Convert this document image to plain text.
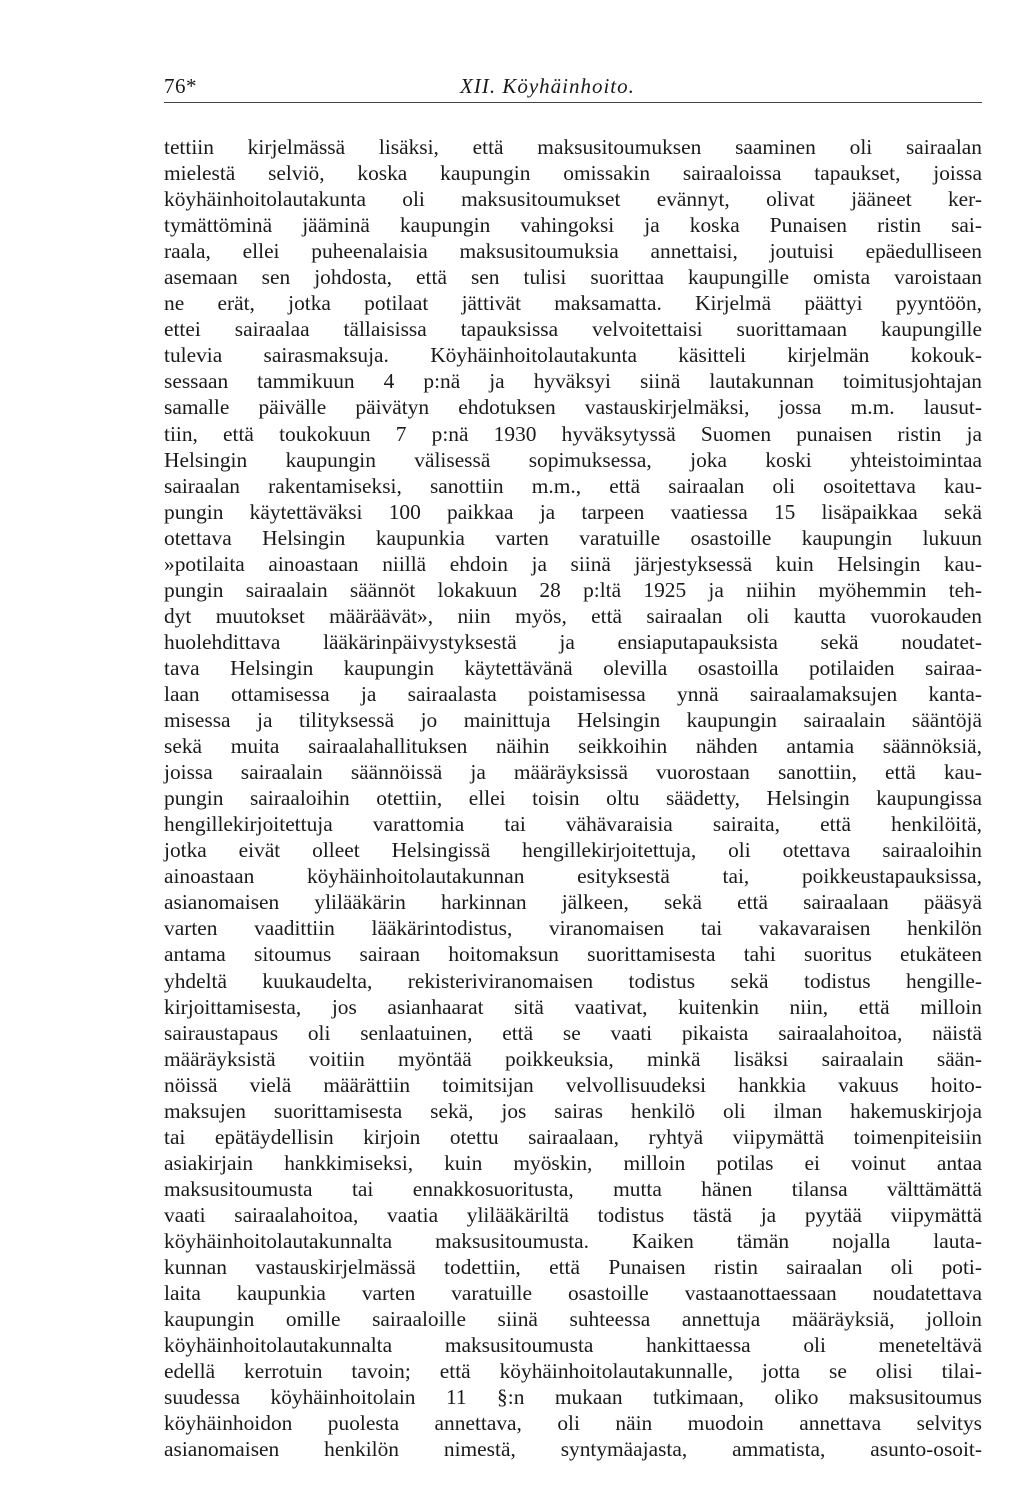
76*	XII. Köyhäinhoito.
tettiin kirjelmässä lisäksi, että maksusitoumuksen saaminen oli sairaalan
mielestä selviö, koska kaupungin omissakin sairaaloissa tapaukset, joissa
köyhäinhoitolautakunta oli maksusitoumukset evännyt, olivat jääneet ker-
tymättöminä jääminä kaupungin vahingoksi ja koska Punaisen ristin sai-
raala, ellei puheenalaisia maksusitoumuksia annettaisi, joutuisi epäedulliseen
asemaan sen johdosta, että sen tulisi suorittaa kaupungille omista varoistaan
ne erät, jotka potilaat jättivät maksamatta. Kirjelmä päättyi pyyntöön,
ettei sairaalaa tällaisissa tapauksissa velvoitettaisi suorittamaan kaupungille
tulevia sairasmaksuja. Köyhäinhoitolautakunta käsitteli kirjelmän kokouk-
sessaan tammikuun 4 p:nä ja hyväksyi siinä lautakunnan toimitusjohtajan
samalle päivälle päivätyn ehdotuksen vastauskirjelmäksi, jossa m.m. lausut-
tiin, että toukokuun 7 p:nä 1930 hyväksytyssä Suomen punaisen ristin ja
Helsingin kaupungin välisessä sopimuksessa, joka koski yhteistoimintaa
sairaalan rakentamiseksi, sanottiin m.m., että sairaalan oli osoitettava kau-
pungin käytettäväksi 100 paikkaa ja tarpeen vaatiessa 15 lisäpaikkaa sekä
otettava Helsingin kaupunkia varten varatuille osastoille kaupungin lukuun
»potilaita ainoastaan niillä ehdoin ja siinä järjestyksessä kuin Helsingin kau-
pungin sairaalain säännöt lokakuun 28 p:ltä 1925 ja niihin myöhemmin teh-
dyt muutokset määräävät», niin myös, että sairaalan oli kautta vuorokauden
huolehdittava lääkärinpäivystyksestä ja ensiaputapauksista sekä noudatet-
tava Helsingin kaupungin käytettävänä olevilla osastoilla potilaiden sairaa-
laan ottamisessa ja sairaalasta poistamisessa ynnä sairaalamaksujen kanta-
misessa ja tilityksessä jo mainittuja Helsingin kaupungin sairaalain sääntöjä
sekä muita sairaalahallituksen näihin seikkoihin nähden antamia säännöksiä,
joissa sairaalain säännöissä ja määräyksissä vuorostaan sanottiin, että kau-
pungin sairaaloihin otettiin, ellei toisin oltu säädetty, Helsingin kaupungissa
hengillekirjoitettuja varattomia tai vähävaraisia sairaita, että henkilöitä,
jotka eivät olleet Helsingissä hengillekirjoitettuja, oli otettava sairaaloihin
ainoastaan köyhäinhoitolautakunnan esityksestä tai, poikkeustapauksissa,
asianomaisen ylilääkärin harkinnan jälkeen, sekä että sairaalaan pääsyä
varten vaadittiin lääkärintodistus, viranomaisen tai vakavaraisen henkilön
antama sitoumus sairaan hoitomaksun suorittamisesta tahi suoritus etukäteen
yhdeltä kuukaudelta, rekisteriviranomaisen todistus sekä todistus hengille-
kirjoittamisesta, jos asianhaarat sitä vaativat, kuitenkin niin, että milloin
sairaustapaus oli senlaatuinen, että se vaati pikaista sairaalahoitoa, näistä
määräyksistä voitiin myöntää poikkeuksia, minkä lisäksi sairaalain sään-
nöissä vielä määrättiin toimitsijan velvollisuudeksi hankkia vakuus hoito-
maksujen suorittamisesta sekä, jos sairas henkilö oli ilman hakemuskirjoja
tai epätäydellisin kirjoin otettu sairaalaan, ryhtyä viipymättä toimenpiteisiin
asiakirjain hankkimiseksi, kuin myöskin, milloin potilas ei voinut antaa
maksusitoumusta tai ennakkosuoritusta, mutta hänen tilansa välttämättä
vaati sairaalahoitoa, vaatia ylilääkäriltä todistus tästä ja pyytää viipymättä
köyhäinhoitolautakunnalta maksusitoumusta. Kaiken tämän nojalla lauta-
kunnan vastauskirjelmässä todettiin, että Punaisen ristin sairaalan oli poti-
laita kaupunkia varten varatuille osastoille vastaanottaessaan noudatettava
kaupungin omille sairaaloille siinä suhteessa annettuja määräyksiä, jolloin
köyhäinhoitolautakunnalta maksusitoumusta hankittaessa oli meneteltävä
edellä kerrotuin tavoin; että köyhäinhoitolautakunnalle, jotta se olisi tilai-
suudessa köyhäinhoitolain 11 §:n mukaan tutkimaan, oliko maksusitoumus
köyhäinhoidon puolesta annettava, oli näin muodoin annettava selvitys
asianomaisen henkilön nimestä, syntymäajasta, ammatista, asunto-osoit-
